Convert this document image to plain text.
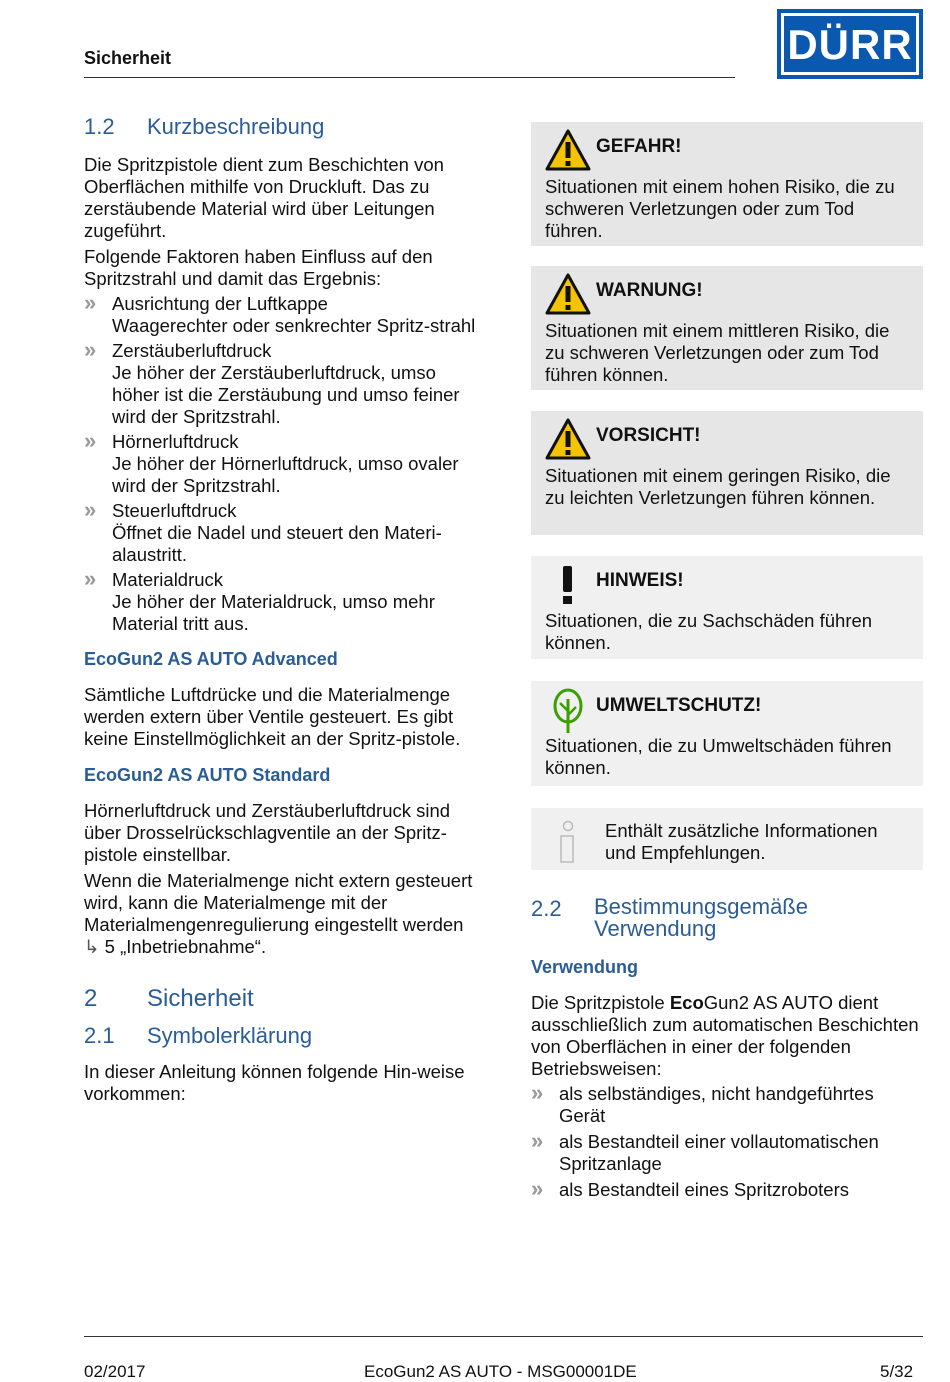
Sicherheit	DÜRR
1.2	Kurzbeschreibung

Die Spritzpistole dient zum Beschichten von Oberflächen mithilfe von Druckluft. Das zu zerstäubende Material wird über Leitungen zugeführt.

Folgende Faktoren haben Einfluss auf den Spritzstrahl und damit das Ergebnis:

» Ausrichtung der Luftkappe
Waagerechter oder senkrechter Spritz-strahl
» Zerstäuberluftdruck
Je höher der Zerstäuberluftdruck, umso höher ist die Zerstäubung und umso feiner wird der Spritzstrahl.
» Hörnerluftdruck
Je höher der Hörnerluftdruck, umso ovaler wird der Spritzstrahl.
» Steuerluftdruck
Öffnet die Nadel und steuert den Materi-alaustritt.
» Materialdruck
Je höher der Materialdruck, umso mehr Material tritt aus.
EcoGun2 AS AUTO Advanced

Sämtliche Luftdrücke und die Materialmenge werden extern über Ventile gesteuert. Es gibt keine Einstellmöglichkeit an der Spritz-pistole.

EcoGun2 AS AUTO Standard

Hörnerluftdruck und Zerstäuberluftdruck sind über Drosselrückschlagventile an der Spritz-pistole einstellbar.

Wenn die Materialmenge nicht extern gesteuert wird, kann die Materialmenge mit der Materialmengenregulierung eingestellt werden ↳ 5 „Inbetriebnahme“.

2	Sicherheit
2.1	Symbolerklärung

In dieser Anleitung können folgende Hin-weise vorkommen:

GEFAHR!
Situationen mit einem hohen Risiko, die zu schweren Verletzungen oder zum Tod führen.
WARNUNG!
Situationen mit einem mittleren Risiko, die zu schweren Verletzungen oder zum Tod führen können.
VORSICHT!
Situationen mit einem geringen Risiko, die zu leichten Verletzungen führen können.
HINWEIS!
Situationen, die zu Sachschäden führen können.
UMWELTSCHUTZ!
Situationen, die zu Umweltschäden führen können.
Enthält zusätzliche Informationen und Empfehlungen.
2.2	Bestimmungsgemäße Verwendung
Verwendung

Die Spritzpistole EcoGun2 AS AUTO dient ausschließlich zum automatischen Beschichten von Oberflächen in einer der folgenden Betriebsweisen:

» als selbständiges, nicht handgeführtes Gerät
» als Bestandteil einer vollautomatischen Spritzanlage
» als Bestandteil eines Spritzroboters
02/2017	EcoGun2 AS AUTO - MSG00001DE	5/32
